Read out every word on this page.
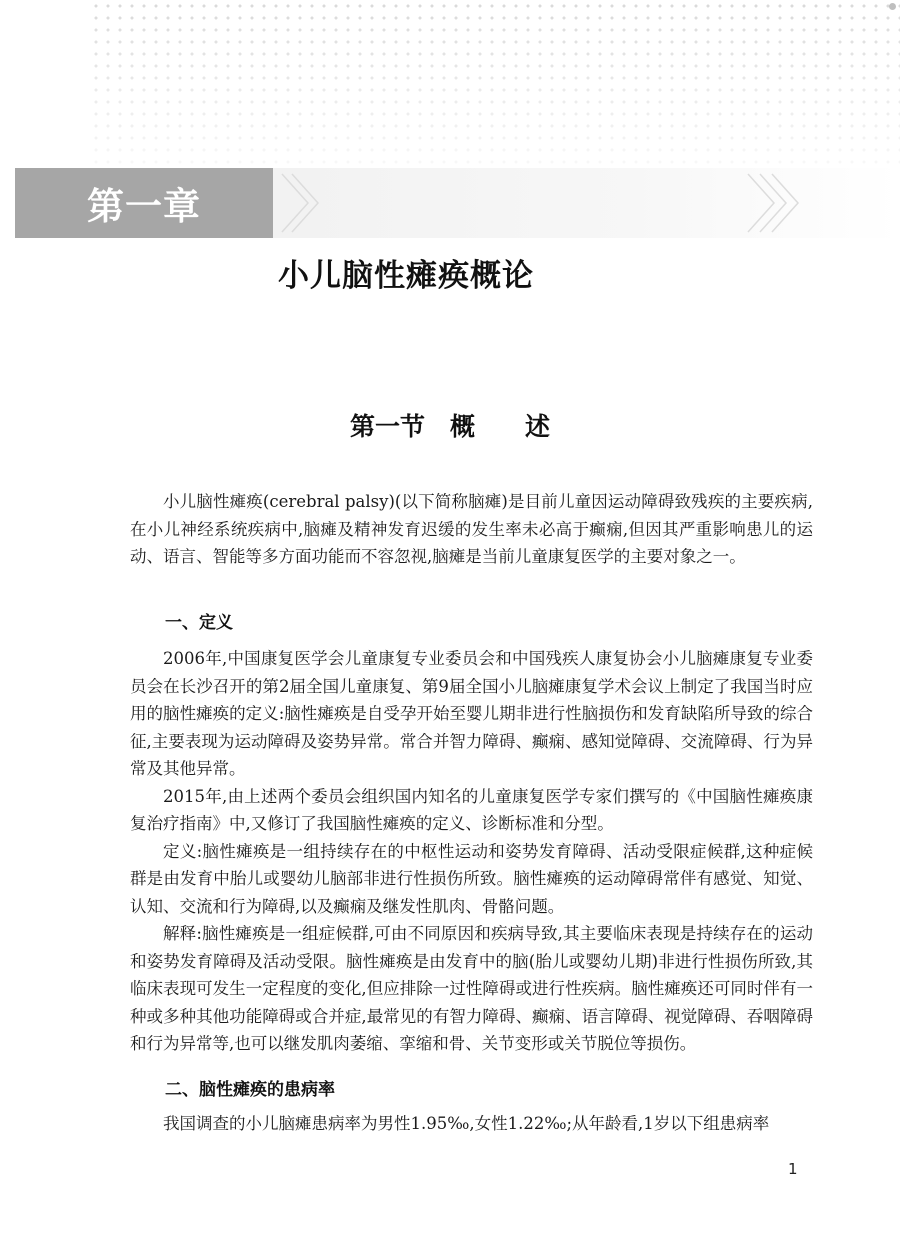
第一章
小儿脑性瘫痪概论
第一节　 概　　述

小儿脑性瘫痪(cerebral palsy)(以下简称脑瘫)是目前儿童因运动障碍致残疾的主要疾病,在小儿神经系统疾病中,脑瘫及精神发育迟缓的发生率未必高于癫痫,但因其严重影响患儿的运动、语言、智能等多方面功能而不容忽视,脑瘫是当前儿童康复医学的主要对象之一。

一、定义

2006年,中国康复医学会儿童康复专业委员会和中国残疾人康复协会小儿脑瘫康复专业委员会在长沙召开的第2届全国儿童康复、第9届全国小儿脑瘫康复学术会议上制定了我国当时应用的脑性瘫痪的定义:脑性瘫痪是自受孕开始至婴儿期非进行性脑损伤和发育缺陷所导致的综合征,主要表现为运动障碍及姿势异常。常合并智力障碍、癫痫、感知觉障碍、交流障碍、行为异常及其他异常。

2015年,由上述两个委员会组织国内知名的儿童康复医学专家们撰写的《中国脑性瘫痪康复治疗指南》中,又修订了我国脑性瘫痪的定义、诊断标准和分型。

定义:脑性瘫痪是一组持续存在的中枢性运动和姿势发育障碍、活动受限症候群,这种症候群是由发育中胎儿或婴幼儿脑部非进行性损伤所致。脑性瘫痪的运动障碍常伴有感觉、知觉、认知、交流和行为障碍,以及癫痫及继发性肌肉、骨骼问题。

解释:脑性瘫痪是一组症候群,可由不同原因和疾病导致,其主要临床表现是持续存在的运动和姿势发育障碍及活动受限。脑性瘫痪是由发育中的脑(胎儿或婴幼儿期)非进行性损伤所致,其临床表现可发生一定程度的变化,但应排除一过性障碍或进行性疾病。脑性瘫痪还可同时伴有一种或多种其他功能障碍或合并症,最常见的有智力障碍、癫痫、语言障碍、视觉障碍、吞咽障碍和行为异常等,也可以继发肌肉萎缩、挛缩和骨、关节变形或关节脱位等损伤。

二、脑性瘫痪的患病率

我国调查的小儿脑瘫患病率为男性1.95‰,女性1.22‰;从年龄看,1岁以下组患病率

1
